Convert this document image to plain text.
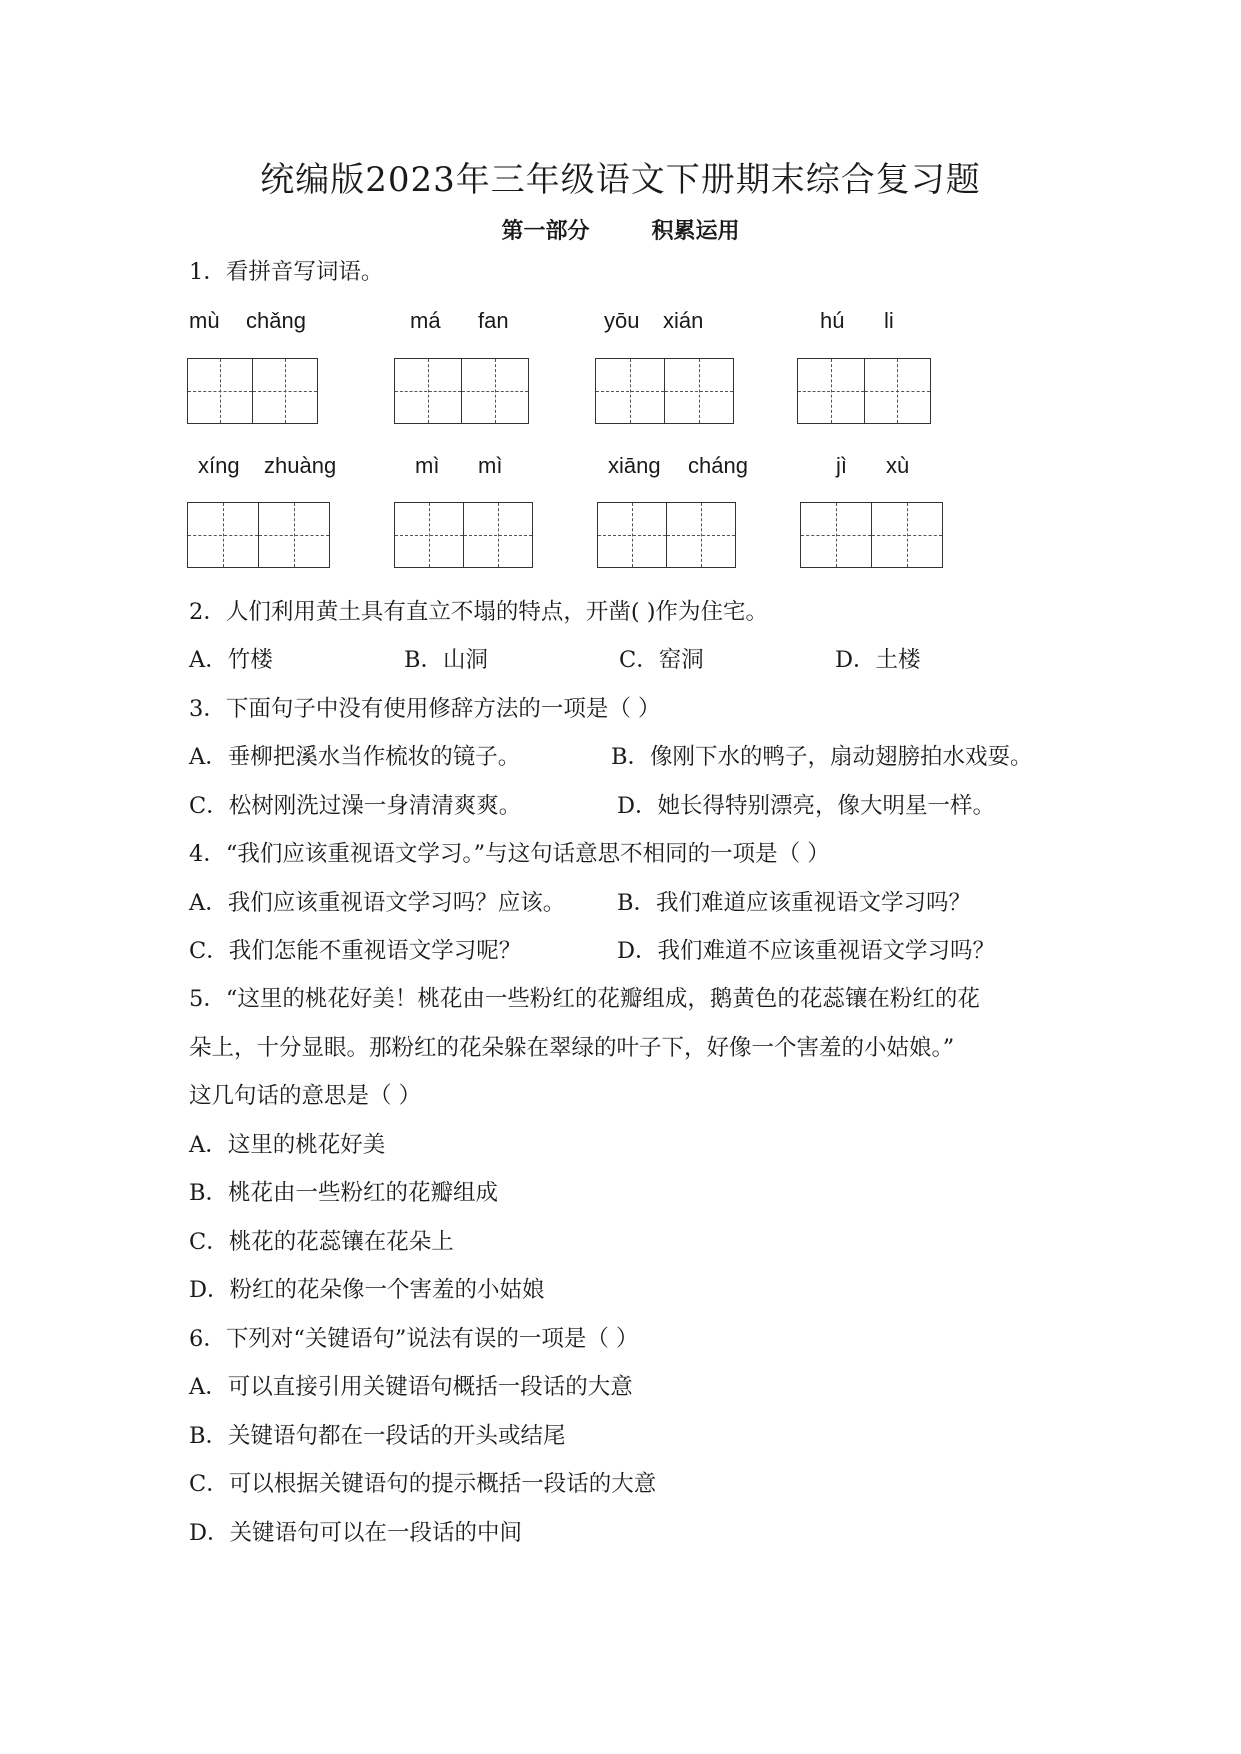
统编版2023年三年级语文下册期末综合复习题
第一部分	积累运用
1．看拼音写词语。
mù chǎng	má fan	yōu xián	hú li
xíng zhuàng	mì mì	xiāng cháng	jì xù
2．人们利用黄土具有直立不塌的特点，开凿( )作为住宅。
A．竹楼	B．山洞	C．窑洞	D．土楼
3．下面句子中没有使用修辞方法的一项是（ ）
A．垂柳把溪水当作梳妆的镜子。	B．像刚下水的鸭子，扇动翅膀拍水戏耍。
C．松树刚洗过澡一身清清爽爽。	D．她长得特别漂亮，像大明星一样。
4．“我们应该重视语文学习。”与这句话意思不相同的一项是（ ）
A．我们应该重视语文学习吗？应该。 B．我们难道应该重视语文学习吗？
C．我们怎能不重视语文学习呢？	D．我们难道不应该重视语文学习吗？
5．“这里的桃花好美！桃花由一些粉红的花瓣组成，鹅黄色的花蕊镶在粉红的花
朵上，十分显眼。那粉红的花朵躲在翠绿的叶子下，好像一个害羞的小姑娘。”
这几句话的意思是（ ）
A．这里的桃花好美
B．桃花由一些粉红的花瓣组成
C．桃花的花蕊镶在花朵上
D．粉红的花朵像一个害羞的小姑娘
6．下列对“关键语句”说法有误的一项是（ ）
A．可以直接引用关键语句概括一段话的大意
B．关键语句都在一段话的开头或结尾
C．可以根据关键语句的提示概括一段话的大意
D．关键语句可以在一段话的中间
